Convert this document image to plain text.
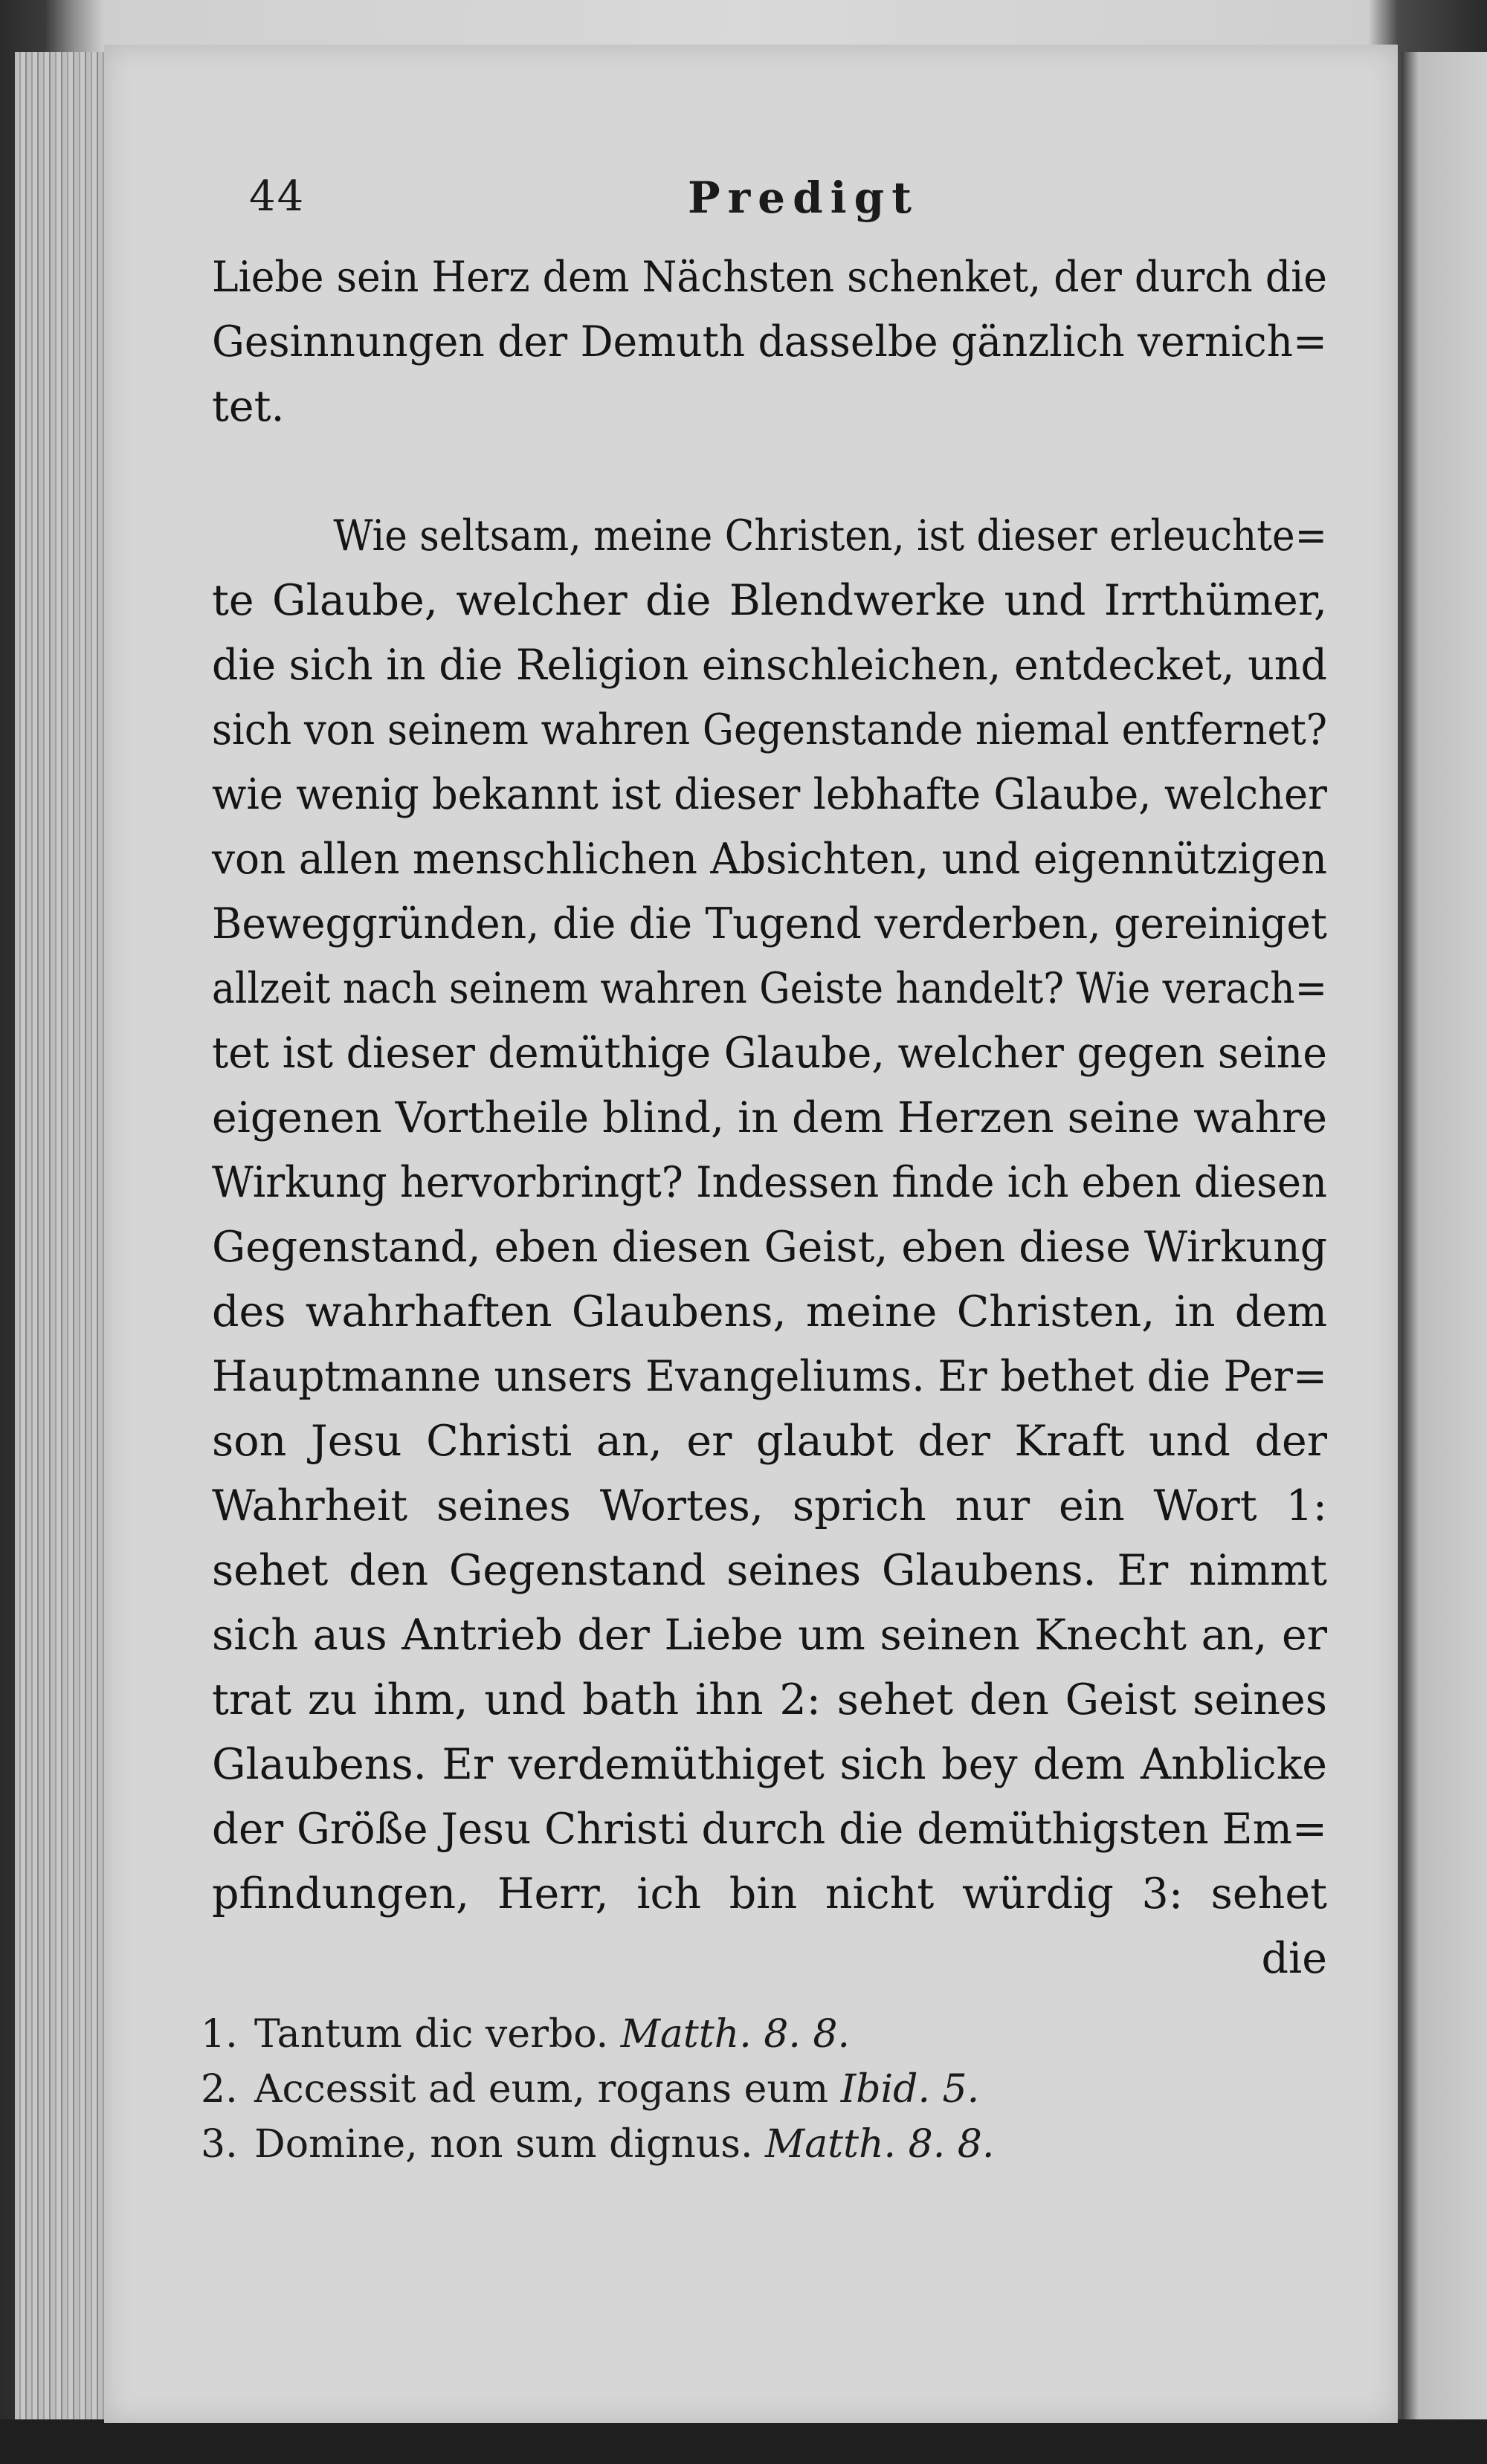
44	Predigt
Liebe sein Herz dem Nächsten schenket, der durch die
Gesinnungen der Demuth dasselbe gänzlich vernich=
tet.
Wie seltsam, meine Christen, ist dieser erleuchte=
te Glaube, welcher die Blendwerke und Irrthümer,
die sich in die Religion einschleichen, entdecket, und
sich von seinem wahren Gegenstande niemal entfernet?
wie wenig bekannt ist dieser lebhafte Glaube, welcher
von allen menschlichen Absichten, und eigennützigen
Beweggründen, die die Tugend verderben, gereiniget
allzeit nach seinem wahren Geiste handelt? Wie verach=
tet ist dieser demüthige Glaube, welcher gegen seine
eigenen Vortheile blind, in dem Herzen seine wahre
Wirkung hervorbringt? Indessen finde ich eben diesen
Gegenstand, eben diesen Geist, eben diese Wirkung
des wahrhaften Glaubens, meine Christen, in dem
Hauptmanne unsers Evangeliums. Er bethet die Per=
son Jesu Christi an, er glaubt der Kraft und der
Wahrheit seines Wortes, sprich nur ein Wort 1:
sehet den Gegenstand seines Glaubens. Er nimmt
sich aus Antrieb der Liebe um seinen Knecht an, er
trat zu ihm, und bath ihn 2: sehet den Geist seines
Glaubens. Er verdemüthiget sich bey dem Anblicke
der Größe Jesu Christi durch die demüthigsten Em=
pfindungen, Herr, ich bin nicht würdig 3: sehet
die
1. Tantum dic verbo. Matth. 8. 8.
2. Accessit ad eum, rogans eum Ibid. 5.
3. Domine, non sum dignus. Matth. 8. 8.
